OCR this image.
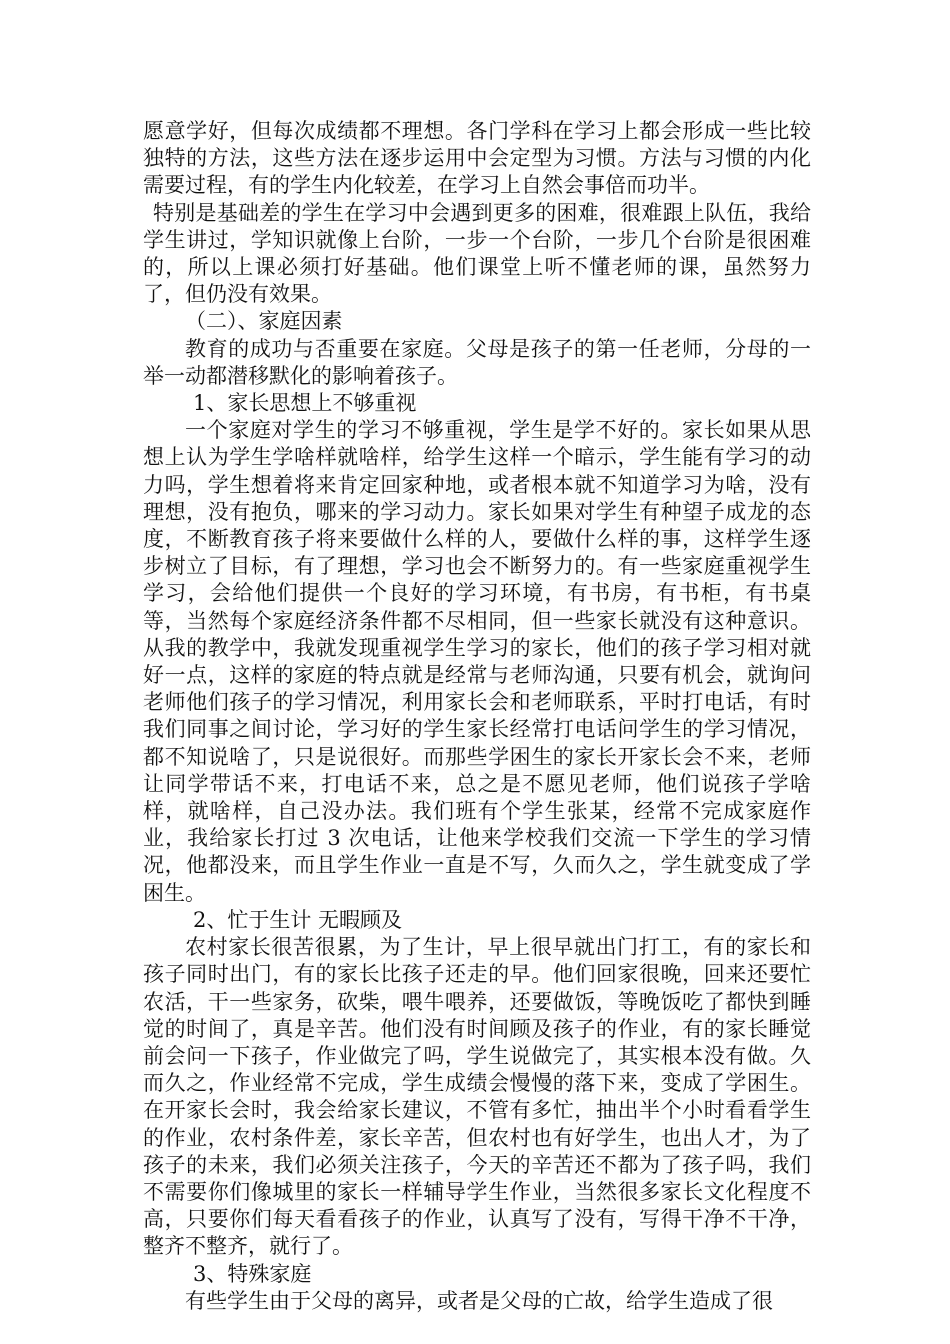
愿意学好，但每次成绩都不理想。各门学科在学习上都会形成一些比较独特的方法，这些方法在逐步运用中会定型为习惯。方法与习惯的内化需要过程，有的学生内化较差，在学习上自然会事倍而功半。

特别是基础差的学生在学习中会遇到更多的困难，很难跟上队伍，我给学生讲过，学知识就像上台阶，一步一个台阶，一步几个台阶是很困难的，所以上课必须打好基础。他们课堂上听不懂老师的课，虽然努力了，但仍没有效果。

（二）、家庭因素

教育的成功与否重要在家庭。父母是孩子的第一任老师，分母的一举一动都潜移默化的影响着孩子。

1、家长思想上不够重视

一个家庭对学生的学习不够重视，学生是学不好的。家长如果从思想上认为学生学啥样就啥样，给学生这样一个暗示，学生能有学习的动力吗，学生想着将来肯定回家种地，或者根本就不知道学习为啥，没有理想，没有抱负，哪来的学习动力。家长如果对学生有种望子成龙的态度，不断教育孩子将来要做什么样的人，要做什么样的事，这样学生逐步树立了目标，有了理想，学习也会不断努力的。有一些家庭重视学生学习，会给他们提供一个良好的学习环境，有书房，有书柜，有书桌等，当然每个家庭经济条件都不尽相同，但一些家长就没有这种意识。从我的教学中，我就发现重视学生学习的家长，他们的孩子学习相对就好一点，这样的家庭的特点就是经常与老师沟通，只要有机会，就询问老师他们孩子的学习情况，利用家长会和老师联系，平时打电话，有时我们同事之间讨论，学习好的学生家长经常打电话问学生的学习情况，都不知说啥了，只是说很好。而那些学困生的家长开家长会不来，老师让同学带话不来，打电话不来，总之是不愿见老师，他们说孩子学啥样，就啥样，自己没办法。我们班有个学生张某，经常不完成家庭作业，我给家长打过 3 次电话，让他来学校我们交流一下学生的学习情况，他都没来，而且学生作业一直是不写，久而久之，学生就变成了学困生。

2、忙于生计 无暇顾及

农村家长很苦很累，为了生计，早上很早就出门打工，有的家长和孩子同时出门，有的家长比孩子还走的早。他们回家很晚，回来还要忙农活，干一些家务，砍柴，喂牛喂养，还要做饭，等晚饭吃了都快到睡觉的时间了，真是辛苦。他们没有时间顾及孩子的作业，有的家长睡觉前会问一下孩子，作业做完了吗，学生说做完了，其实根本没有做。久而久之，作业经常不完成，学生成绩会慢慢的落下来，变成了学困生。在开家长会时，我会给家长建议，不管有多忙，抽出半个小时看看学生的作业，农村条件差，家长辛苦，但农村也有好学生，也出人才，为了孩子的未来，我们必须关注孩子，今天的辛苦还不都为了孩子吗，我们不需要你们像城里的家长一样辅导学生作业，当然很多家长文化程度不高，只要你们每天看看孩子的作业，认真写了没有，写得干净不干净，整齐不整齐，就行了。

3、特殊家庭

有些学生由于父母的离异，或者是父母的亡故，给学生造成了很
